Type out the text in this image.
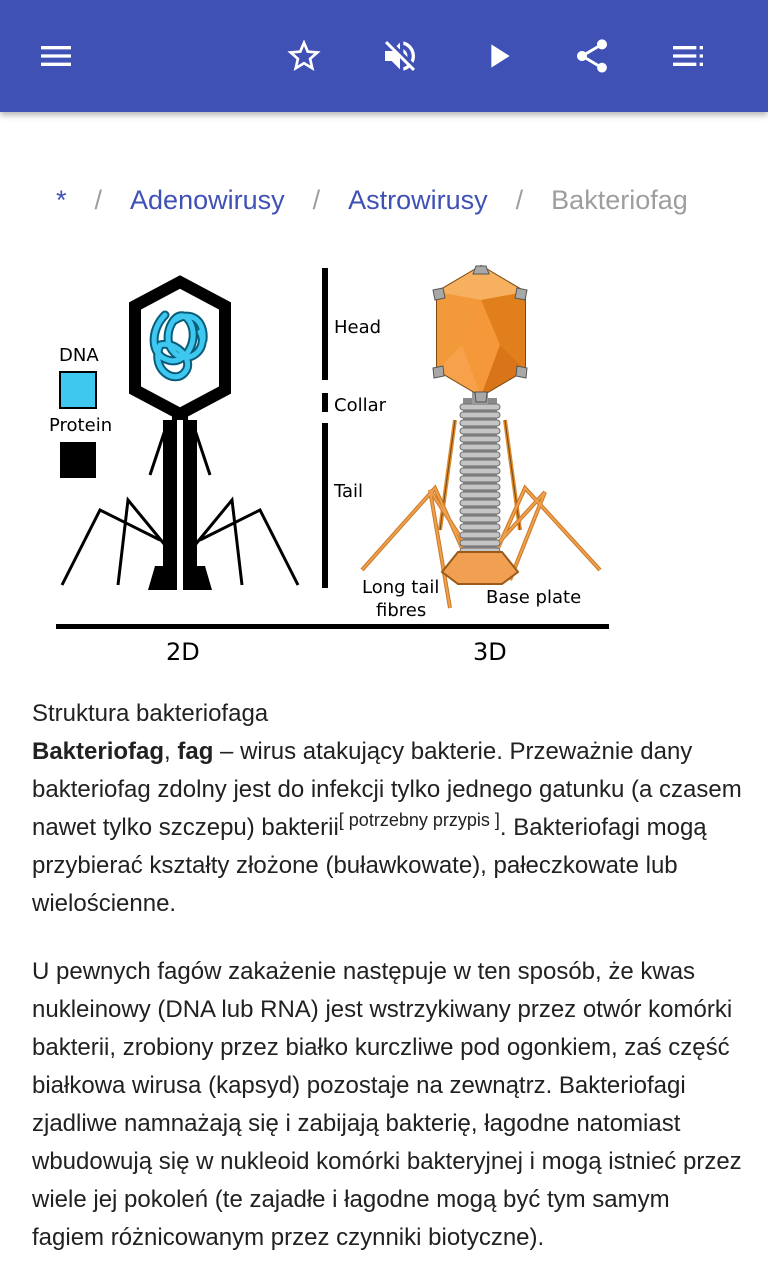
* / Adenowirusy / Astrowirusy / Bakteriofag
DNA
Protein
Head
Collar
Tail
Long tail
fibres
Base plate
2D	3D

Struktura bakteriofaga

Bakteriofag, fag – wirus atakujący bakterie. Przeważnie dany bakteriofag zdolny jest do infekcji tylko jednego gatunku (a czasem nawet tylko szczepu) bakterii[ potrzebny przypis ]. Bakteriofagi mogą przybierać kształty złożone (buławkowate), pałeczkowate lub wielościenne.

U pewnych fagów zakażenie następuje w ten sposób, że kwas nukleinowy (DNA lub RNA) jest wstrzykiwany przez otwór komórki bakterii, zrobiony przez białko kurczliwe pod ogonkiem, zaś część białkowa wirusa (kapsyd) pozostaje na zewnątrz. Bakteriofagi zjadliwe namnażają się i zabijają bakterię, łagodne natomiast wbudowują się w nukleoid komórki bakteryjnej i mogą istnieć przez wiele jej pokoleń (te zajadłe i łagodne mogą być tym samym fagiem różnicowanym przez czynniki biotyczne).
